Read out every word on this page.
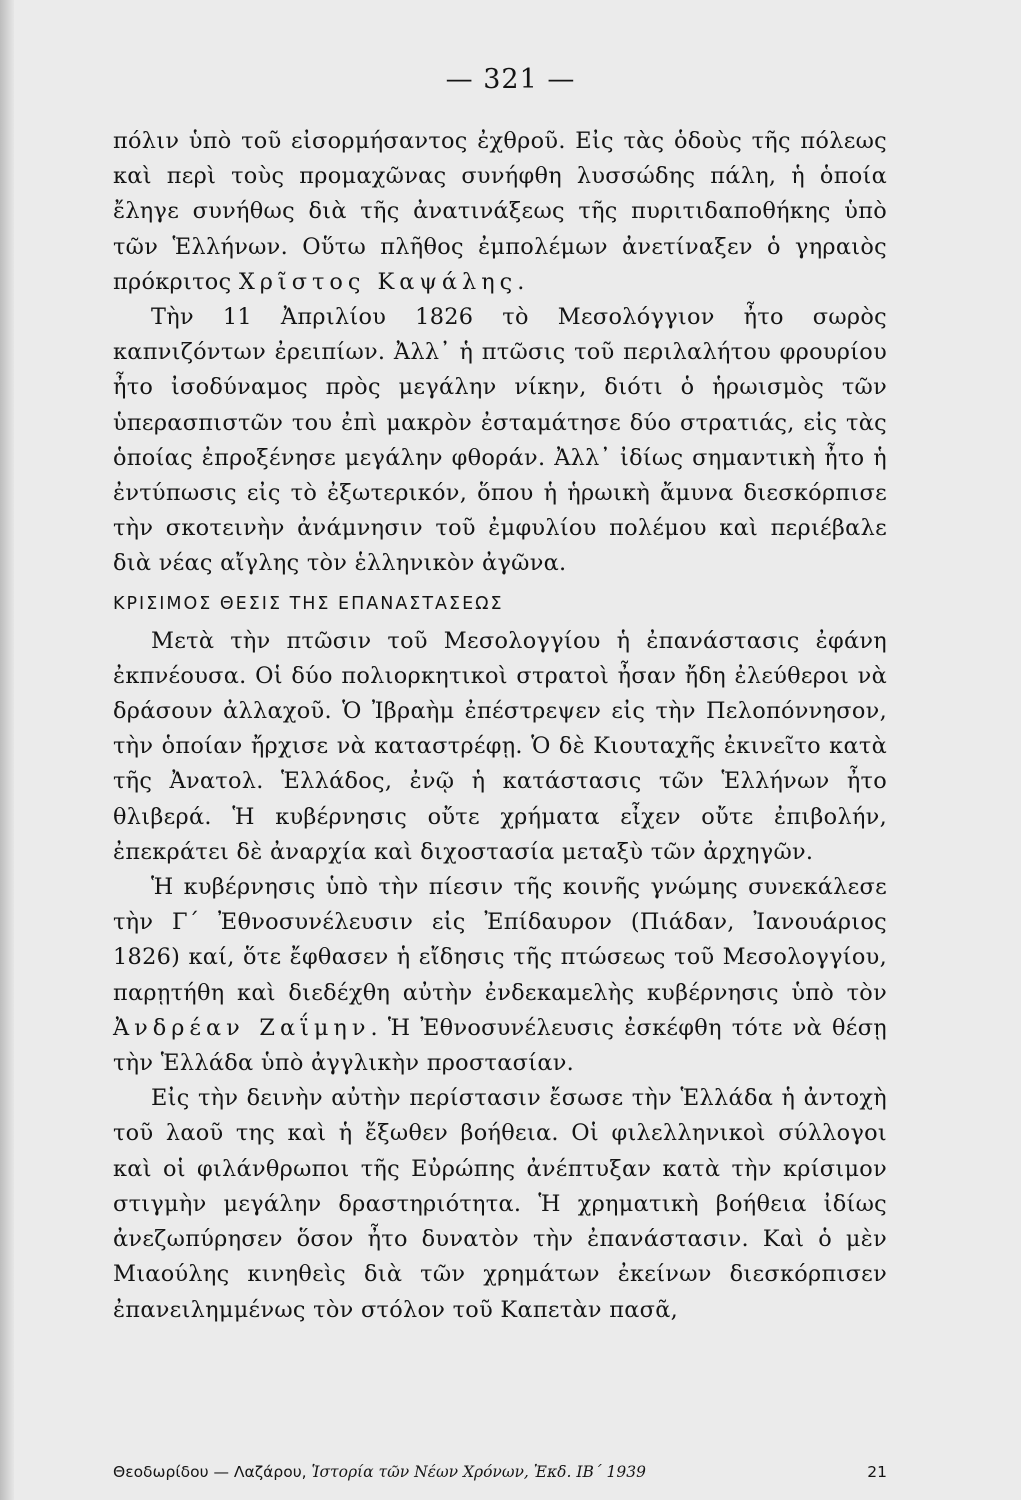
— 321 —

πόλιν ὑπὸ τοῦ εἰσορμήσαντος ἐχθροῦ. Εἰς τὰς ὁδοὺς τῆς πόλεως καὶ περὶ τοὺς προμαχῶνας συνήφθη λυσσώδης πάλη, ἡ ὁποία ἔληγε συνήθως διὰ τῆς ἀνατινάξεως τῆς πυριτιδαποθήκης ὑπὸ τῶν Ἑλλήνων. Οὕτω πλῆθος ἐμπολέμων ἀνετίναξεν ὁ γηραιὸς πρόκριτος Χρῖστος Καψάλης.

Τὴν 11 Ἀπριλίου 1826 τὸ Μεσολόγγιον ἦτο σωρὸς καπνιζόντων ἐρειπίων. Ἀλλ᾽ ἡ πτῶσις τοῦ περιλαλήτου φρουρίου ἦτο ἰσοδύναμος πρὸς μεγάλην νίκην, διότι ὁ ἡρωισμὸς τῶν ὑπερασπιστῶν του ἐπὶ μακρὸν ἐσταμάτησε δύο στρατιάς, εἰς τὰς ὁποίας ἐπροξένησε μεγάλην φθοράν. Ἀλλ᾽ ἰδίως σημαντικὴ ἦτο ἡ ἐντύπωσις εἰς τὸ ἐξωτερικόν, ὅπου ἡ ἡρωικὴ ἄμυνα διεσκόρπισε τὴν σκοτεινὴν ἀνάμνησιν τοῦ ἐμφυλίου πολέμου καὶ περιέβαλε διὰ νέας αἴγλης τὸν ἑλληνικὸν ἀγῶνα.

ΚΡΙΣΙΜΟΣ ΘΕΣΙΣ ΤΗΣ ΕΠΑΝΑΣΤΑΣΕΩΣ

Μετὰ τὴν πτῶσιν τοῦ Μεσολογγίου ἡ ἐπανάστασις ἐφάνη ἐκπνέουσα. Οἱ δύο πολιορκητικοὶ στρατοὶ ἦσαν ἤδη ἐλεύθεροι νὰ δράσουν ἀλλαχοῦ. Ὁ Ἰβραὴμ ἐπέστρεψεν εἰς τὴν Πελοπόννησον, τὴν ὁποίαν ἤρχισε νὰ καταστρέφῃ. Ὁ δὲ Κιουταχῆς ἐκινεῖτο κατὰ τῆς Ἀνατολ. Ἑλλάδος, ἐνῷ ἡ κατάστασις τῶν Ἑλλήνων ἦτο θλιβερά. Ἡ κυβέρνησις οὔτε χρήματα εἶχεν οὔτε ἐπιβολήν, ἐπεκράτει δὲ ἀναρχία καὶ διχοστασία μεταξὺ τῶν ἀρχηγῶν.

Ἡ κυβέρνησις ὑπὸ τὴν πίεσιν τῆς κοινῆς γνώμης συνεκάλεσε τὴν Γ΄ Ἐθνοσυνέλευσιν εἰς Ἐπίδαυρον (Πιάδαν, Ἰανουάριος 1826) καί, ὅτε ἔφθασεν ἡ εἴδησις τῆς πτώσεως τοῦ Μεσολογγίου, παρῃτήθη καὶ διεδέχθη αὐτὴν ἐνδεκαμελὴς κυβέρνησις ὑπὸ τὸν Ἀνδρέαν Ζαΐμην. Ἡ Ἐθνοσυνέλευσις ἐσκέφθη τότε νὰ θέσῃ τὴν Ἑλλάδα ὑπὸ ἀγγλικὴν προστασίαν.

Εἰς τὴν δεινὴν αὐτὴν περίστασιν ἔσωσε τὴν Ἑλλάδα ἡ ἀντοχὴ τοῦ λαοῦ της καὶ ἡ ἔξωθεν βοήθεια. Οἱ φιλελληνικοὶ σύλλογοι καὶ οἱ φιλάνθρωποι τῆς Εὐρώπης ἀνέπτυξαν κατὰ τὴν κρίσιμον στιγμὴν μεγάλην δραστηριότητα. Ἡ χρηματικὴ βοήθεια ἰδίως ἀνεζωπύρησεν ὅσον ἦτο δυνατὸν τὴν ἐπανάστασιν. Καὶ ὁ μὲν Μιαούλης κινηθεὶς διὰ τῶν χρημάτων ἐκείνων διεσκόρπισεν ἐπανειλημμένως τὸν στόλον τοῦ Καπετὰν πασᾶ,

Θεοδωρίδου — Λαζάρου, Ἱστορία τῶν Νέων Χρόνων, Ἐκδ. ΙΒ΄ 1939	21
